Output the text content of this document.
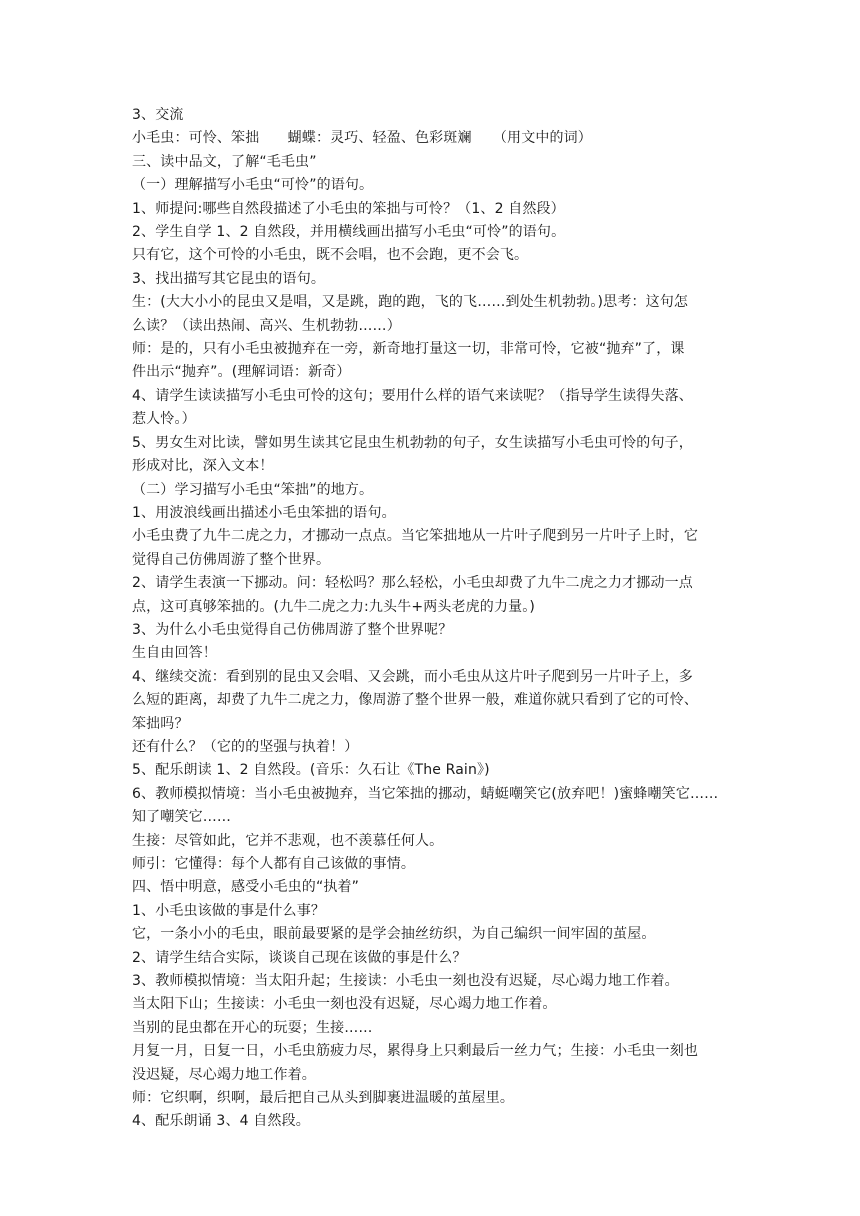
3、交流

小毛虫：可怜、笨拙　　蝴蝶：灵巧、轻盈、色彩斑斓　　（用文中的词）

三、读中品文，了解“毛毛虫”

（一）理解描写小毛虫“可怜”的语句。

1、师提问:哪些自然段描述了小毛虫的笨拙与可怜？（1、2 自然段）

2、学生自学 1、2 自然段，并用横线画出描写小毛虫“可怜”的语句。

只有它，这个可怜的小毛虫，既不会唱，也不会跑，更不会飞。

3、找出描写其它昆虫的语句。

生：(大大小小的昆虫又是唱，又是跳，跑的跑，飞的飞……到处生机勃勃。)思考：这句怎

么读？（读出热闹、高兴、生机勃勃……）

师：是的，只有小毛虫被抛弃在一旁，新奇地打量这一切，非常可怜，它被“抛弃”了，课

件出示“抛弃”。(理解词语：新奇）

4、请学生读读描写小毛虫可怜的这句；要用什么样的语气来读呢？（指导学生读得失落、

惹人怜。）

5、男女生对比读，譬如男生读其它昆虫生机勃勃的句子，女生读描写小毛虫可怜的句子，

形成对比，深入文本！

（二）学习描写小毛虫“笨拙”的地方。

1、用波浪线画出描述小毛虫笨拙的语句。

小毛虫费了九牛二虎之力，才挪动一点点。当它笨拙地从一片叶子爬到另一片叶子上时，它

觉得自己仿佛周游了整个世界。

2、请学生表演一下挪动。问：轻松吗？那么轻松，小毛虫却费了九牛二虎之力才挪动一点

点，这可真够笨拙的。(九牛二虎之力:九头牛+两头老虎的力量。)

3、为什么小毛虫觉得自己仿佛周游了整个世界呢？

生自由回答！

4、继续交流：看到别的昆虫又会唱、又会跳，而小毛虫从这片叶子爬到另一片叶子上，多

么短的距离，却费了九牛二虎之力，像周游了整个世界一般，难道你就只看到了它的可怜、

笨拙吗？

还有什么？（它的的坚强与执着！）

5、配乐朗读 1、2 自然段。(音乐：久石让《The Rain》)

6、教师模拟情境：当小毛虫被抛弃，当它笨拙的挪动，蜻蜓嘲笑它(放弃吧！)蜜蜂嘲笑它……

知了嘲笑它……

生接：尽管如此，它并不悲观，也不羡慕任何人。

师引：它懂得：每个人都有自己该做的事情。

四、悟中明意，感受小毛虫的“执着”

1、小毛虫该做的事是什么事？

它，一条小小的毛虫，眼前最要紧的是学会抽丝纺织，为自己编织一间牢固的茧屋。

2、请学生结合实际，谈谈自己现在该做的事是什么？

3、教师模拟情境：当太阳升起；生接读：小毛虫一刻也没有迟疑，尽心竭力地工作着。

当太阳下山；生接读：小毛虫一刻也没有迟疑，尽心竭力地工作着。

当别的昆虫都在开心的玩耍；生接……

月复一月，日复一日，小毛虫筋疲力尽，累得身上只剩最后一丝力气；生接：小毛虫一刻也

没迟疑，尽心竭力地工作着。

师：它织啊，织啊，最后把自己从头到脚裹进温暖的茧屋里。

4、配乐朗诵 3、4 自然段。
